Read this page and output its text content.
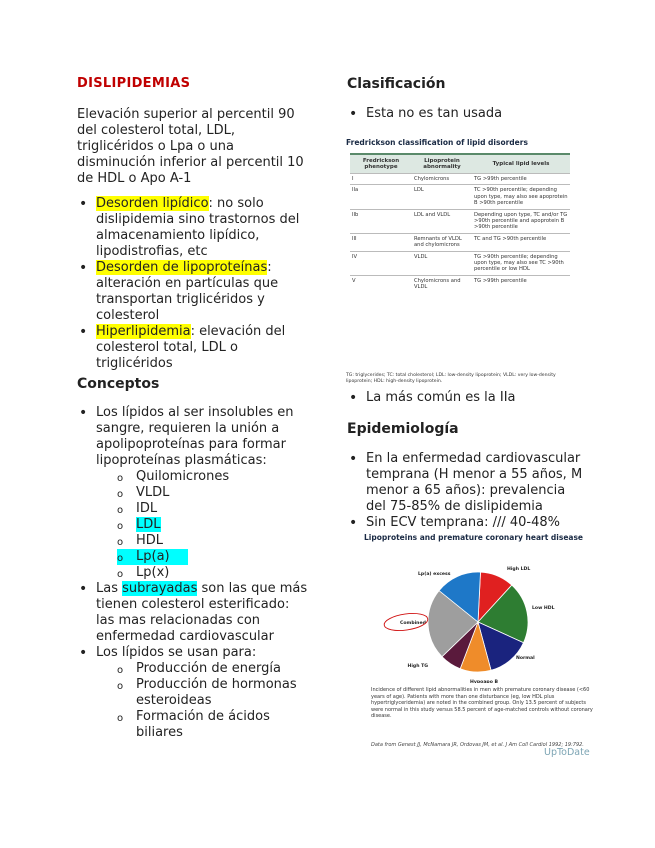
DISLIPIDEMIAS
Elevación superior al percentil 90 del colesterol total, LDL, triglicéridos o Lpa o una disminución inferior al percentil 10 de HDL o Apo A-1
• Desorden lipídico: no solo dislipidemia sino trastornos del almacenamiento lipídico, lipodistrofias, etc
• Desorden de lipoproteínas: alteración en partículas que transportan triglicéridos y colesterol
• Hiperlipidemia: elevación del colesterol total, LDL o triglicéridos
Conceptos
• Los lípidos al ser insolubles en sangre, requieren la unión a apolipoproteínas para formar lipoproteínas plasmáticas:
o Quilomicrones
o VLDL
o IDL
o LDL
o HDL
o Lp(a)
o Lp(x)
• Las subrayadas son las que más tienen colesterol esterificado: las mas relacionadas con enfermedad cardiovascular
• Los lípidos se usan para:
o Producción de energía
o Producción de hormonas esteroideas
o Formación de ácidos biliares
Clasificación
• Esta no es tan usada
• La más común es la IIa
Epidemiología
• En la enfermedad cardiovascular temprana (H menor a 55 años, M menor a 65 años): prevalencia del 75-85% de dislipidemia
• Sin ECV temprana: /// 40-48%
Fredrickson classification of lipid disorders
Fredrickson phenotype	Lipoprotein abnormality	Typical lipid levels
I	Chylomicrons	TG >99th percentile
IIa	LDL	TC >90th percentile; depending upon type, may also see apoprotein B >90th percentile
IIb	LDL and VLDL	Depending upon type, TC and/or TG >90th percentile and apoprotein B >90th percentile
III	Remnants of VLDL and chylomicrons	TC and TG >90th percentile
IV	VLDL	TG >90th percentile; depending upon type, may also see TC >90th percentile or low HDL
V	Chylomicrons and VLDL	TG >99th percentile
TG: triglycerides; TC: total cholesterol; LDL: low-density lipoprotein; VLDL: very low-density lipoprotein; HDL: high-density lipoprotein.
Lipoproteins and premature coronary heart disease
High LDL
Low HDL
Normal
Hypoapo B
High TG
Combined
Lp(a) excess
Incidence of different lipid abnormalities in men with premature coronary disease (<60 years of age). Patients with more than one disturbance (eg, low HDL plus hypertriglyceridemia) are noted in the combined group. Only 13.5 percent of subjects were normal in this study versus 58.5 percent of age-matched controls without coronary disease.
Data from Genest JJ, McNamara JR, Ordovas JM, et al. J Am Coll Cardiol 1992; 19:792.
UpToDate
